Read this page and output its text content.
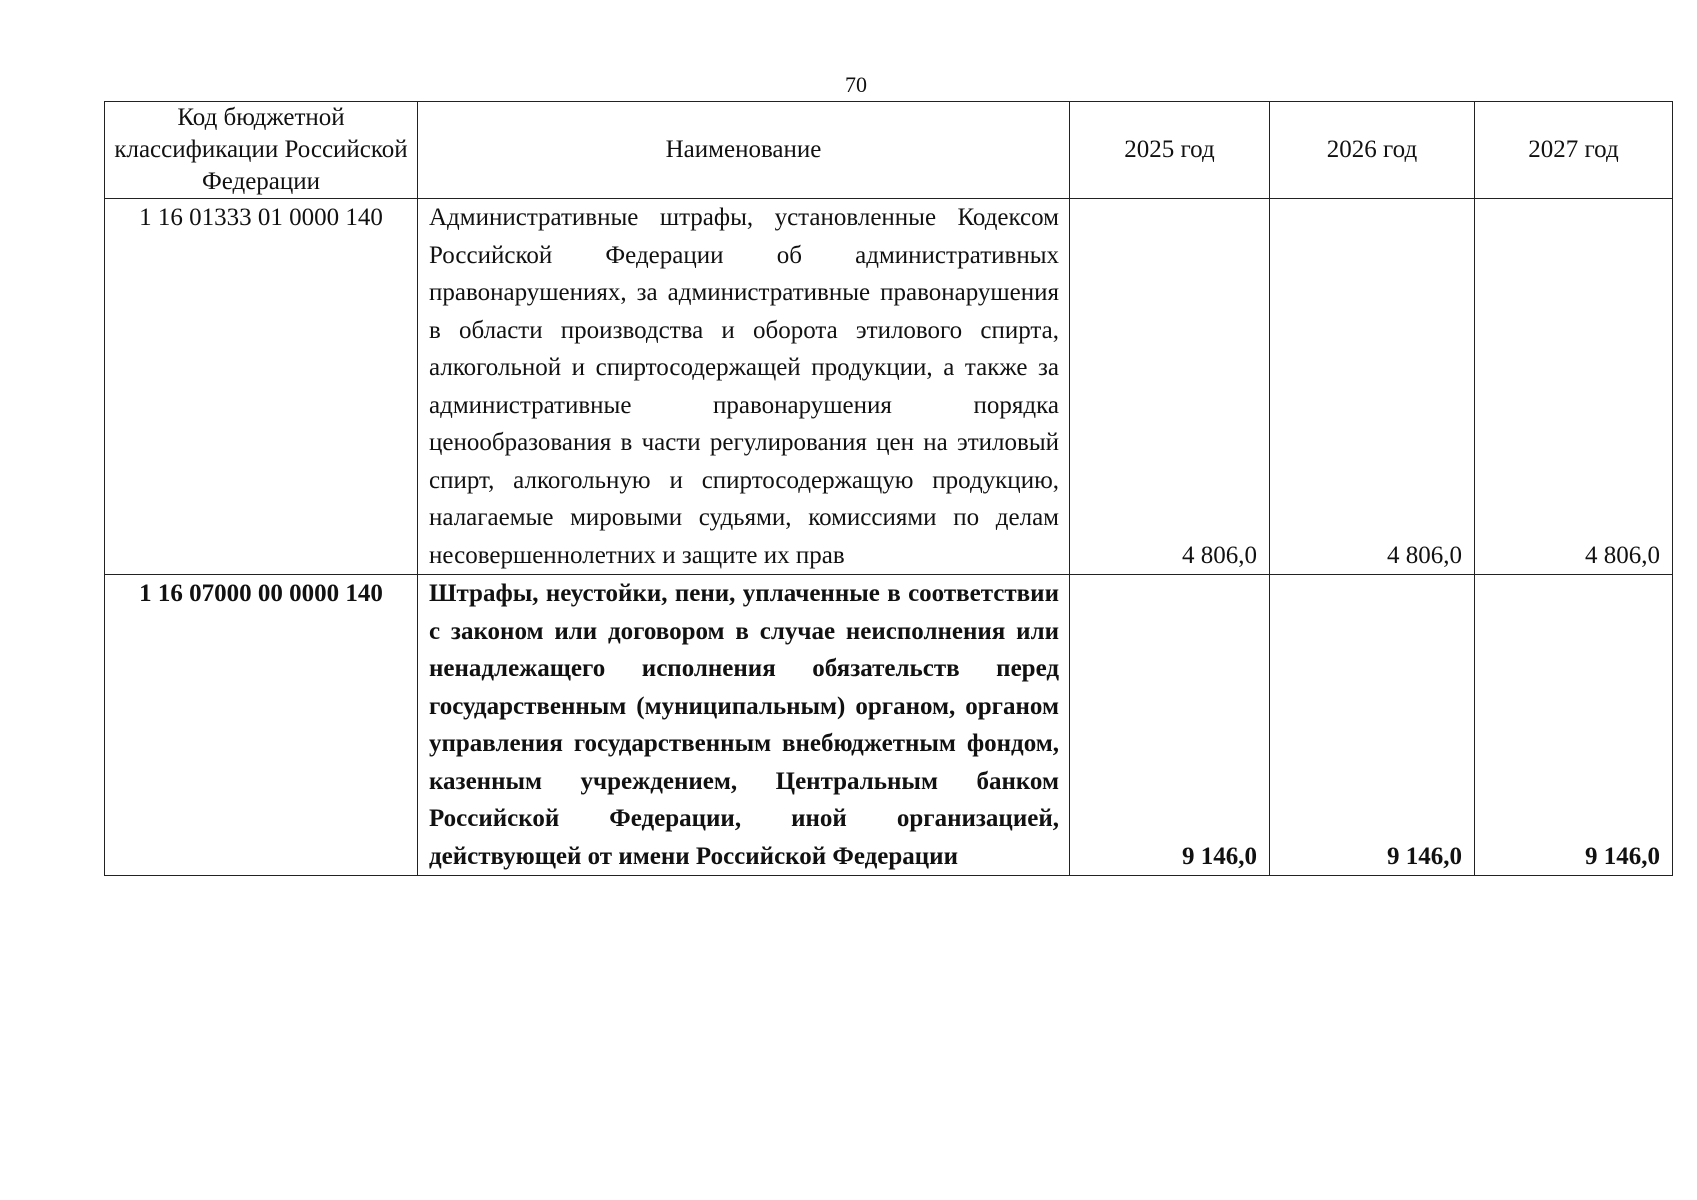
70
Код бюджетной классификации Российской Федерации	Наименование	2025 год	2026 год	2027 год
1 16 01333 01 0000 140	Административные штрафы, установленные Кодексом Российской Федерации об административных правонарушениях, за административные правонарушения в области производства и оборота этилового спирта, алкогольной и спиртосодержащей продукции, а также за административные правонарушения порядка ценообразования в части регулирования цен на этиловый спирт, алкогольную и спиртосодержащую продукцию, налагаемые мировыми судьями, комиссиями по делам несовершеннолетних и защите их прав	4 806,0	4 806,0	4 806,0
1 16 07000 00 0000 140	Штрафы, неустойки, пени, уплаченные в соответствии с законом или договором в случае неисполнения или ненадлежащего исполнения обязательств перед государственным (муниципальным) органом, органом управления государственным внебюджетным фондом, казенным учреждением, Центральным банком Российской Федерации, иной организацией, действующей от имени Российской Федерации	9 146,0	9 146,0	9 146,0
